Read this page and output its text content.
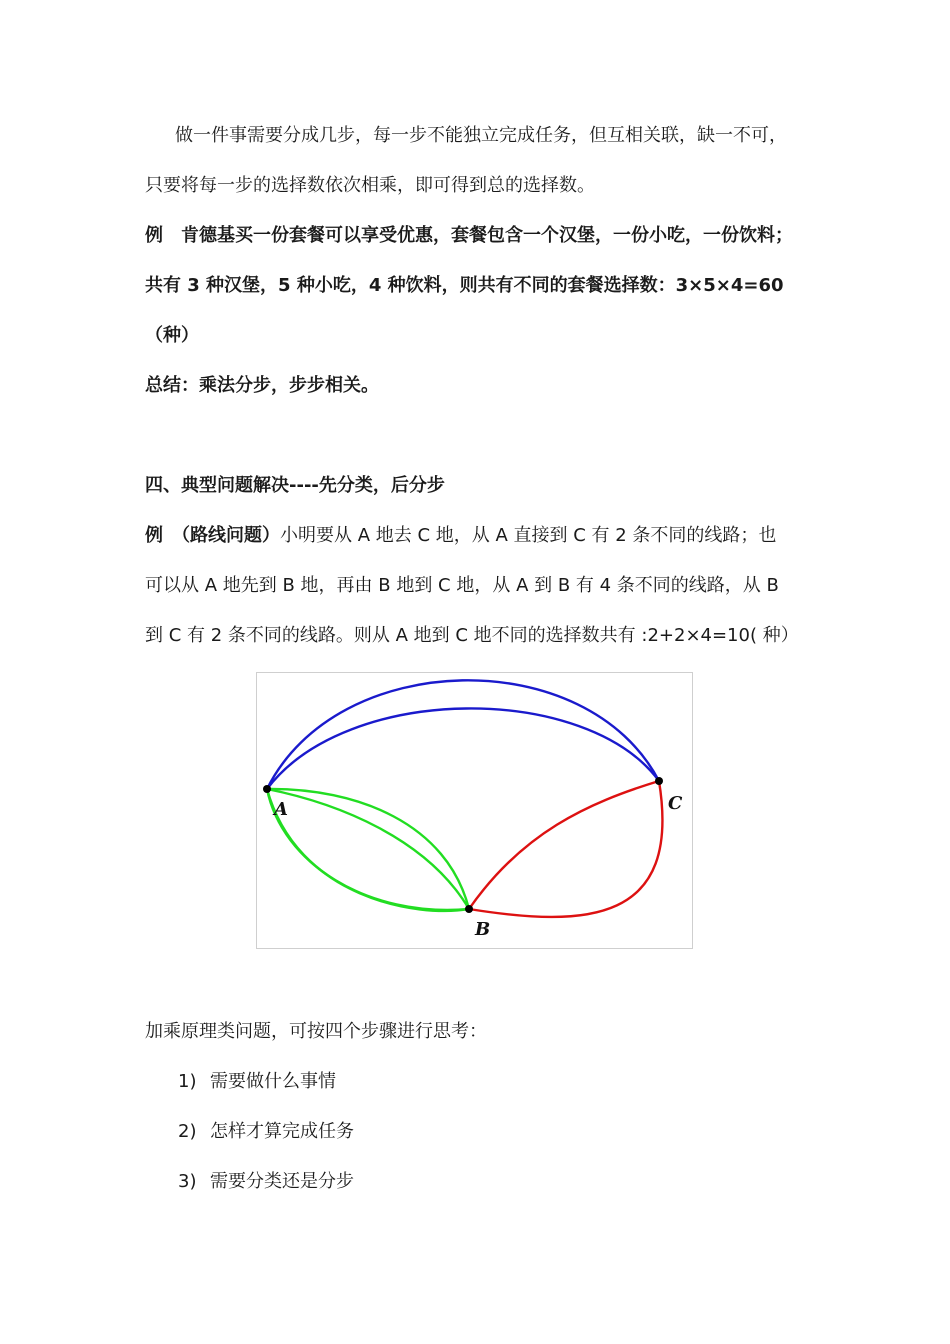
做一件事需要分成几步，每一步不能独立完成任务，但互相关联，缺一不可，
只要将每一步的选择数依次相乘，即可得到总的选择数。
例　肯德基买一份套餐可以享受优惠，套餐包含一个汉堡，一份小吃，一份饮料；
共有 3 种汉堡，5 种小吃，4 种饮料，则共有不同的套餐选择数：3×5×4=60
（种）
总结：乘法分步，步步相关。
四、典型问题解决----先分类，后分步
例　（路线问题）小明要从 A 地去 C 地，从 A 直接到 C 有 2 条不同的线路；也
可以从 A 地先到 B 地，再由 B 地到 C 地，从 A 到 B 有 4 条不同的线路，从 B
到 C 有 2 条不同的线路。则从 A 地到 C 地不同的选择数共有 :2+2×4=10( 种）
A
B
C
加乘原理类问题，可按四个步骤进行思考：
1) 需要做什么事情
2) 怎样才算完成任务
3) 需要分类还是分步
